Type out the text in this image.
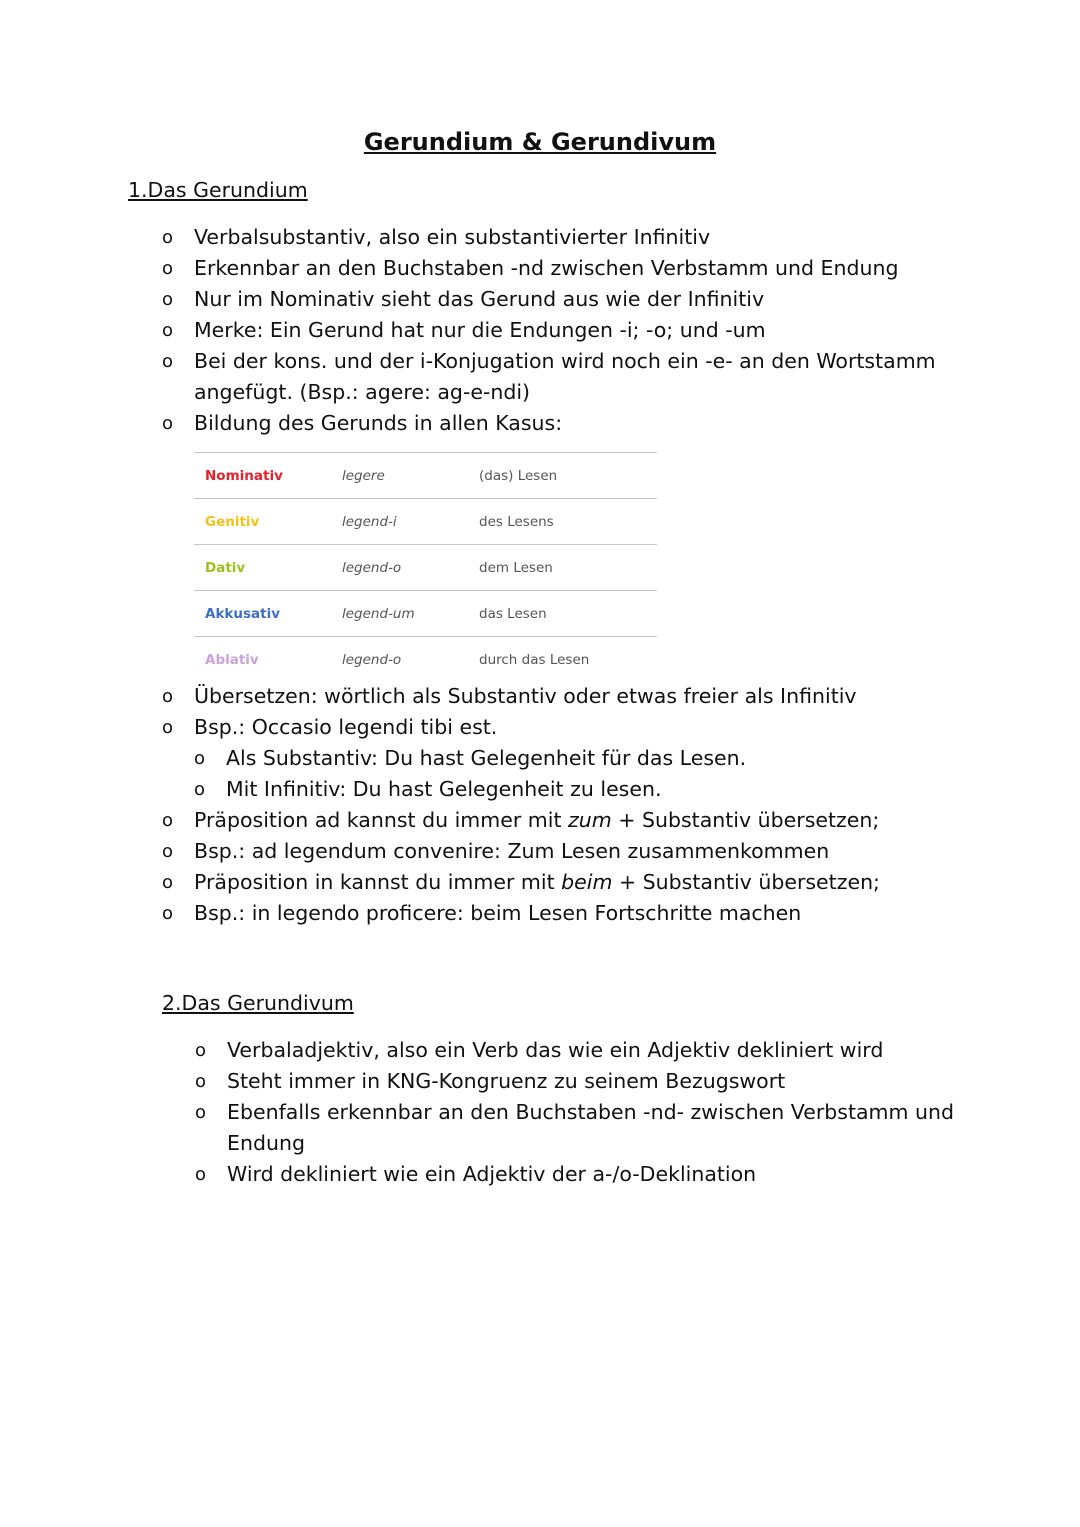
Gerundium & Gerundivum
1.Das Gerundium
o Verbalsubstantiv, also ein substantivierter Infinitiv
o Erkennbar an den Buchstaben -nd zwischen Verbstamm und Endung
o Nur im Nominativ sieht das Gerund aus wie der Infinitiv
o Merke: Ein Gerund hat nur die Endungen -i; -o; und -um
o Bei der kons. und der i-Konjugation wird noch ein -e- an den Wortstamm angefügt. (Bsp.: agere: ag-e-ndi)
o Bildung des Gerunds in allen Kasus:
Nominativ	legere	(das) Lesen
Genitiv	legend-i	des Lesens
Dativ	legend-o	dem Lesen
Akkusativ	legend-um	das Lesen
Ablativ	legend-o	durch das Lesen
o Übersetzen: wörtlich als Substantiv oder etwas freier als Infinitiv
o Bsp.: Occasio legendi tibi est.
o Als Substantiv: Du hast Gelegenheit für das Lesen.
o Mit Infinitiv: Du hast Gelegenheit zu lesen.
o Präposition ad kannst du immer mit zum + Substantiv übersetzen;
o Bsp.: ad legendum convenire: Zum Lesen zusammenkommen
o Präposition in kannst du immer mit beim + Substantiv übersetzen;
o Bsp.: in legendo proficere: beim Lesen Fortschritte machen
2.Das Gerundivum
o Verbaladjektiv, also ein Verb das wie ein Adjektiv dekliniert wird
o Steht immer in KNG-Kongruenz zu seinem Bezugswort
o Ebenfalls erkennbar an den Buchstaben -nd- zwischen Verbstamm und Endung
o Wird dekliniert wie ein Adjektiv der a-/o-Deklination
